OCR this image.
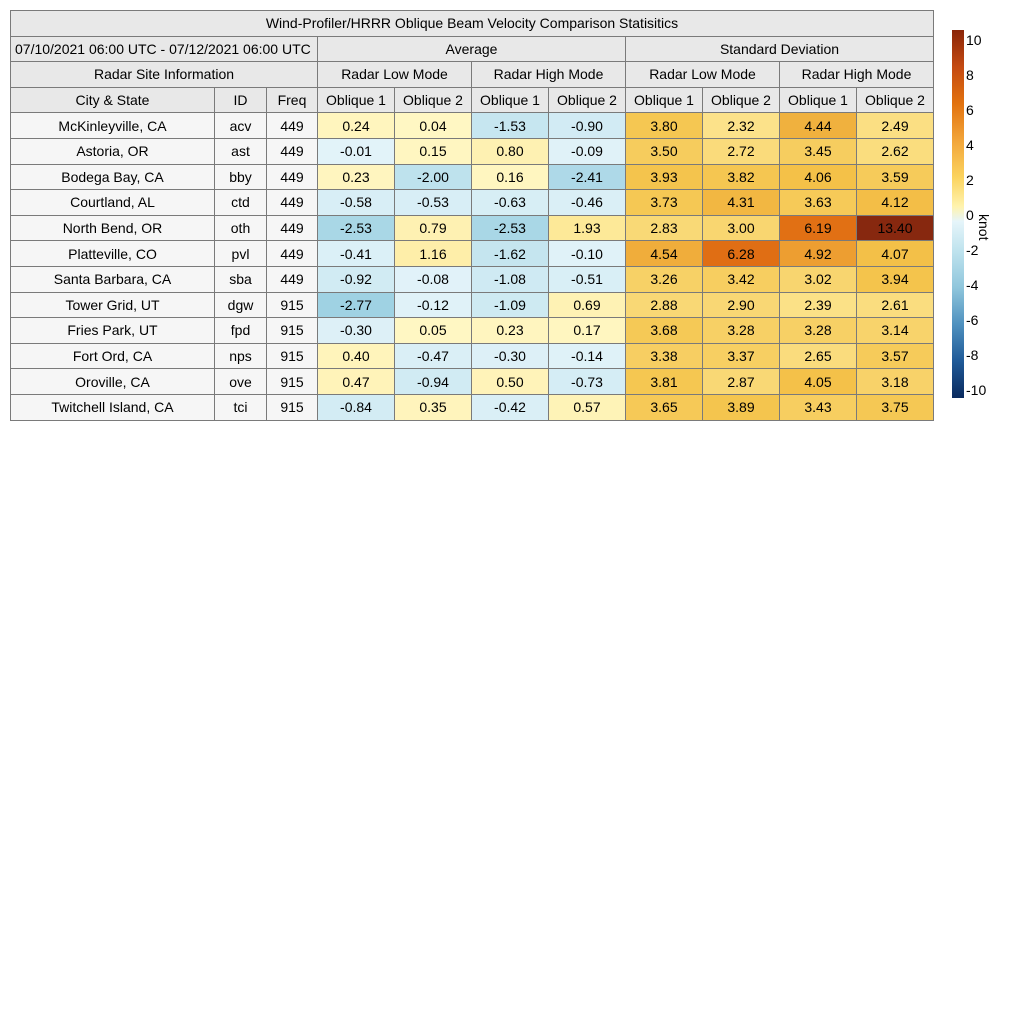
Wind-Profiler/HRRR Oblique Beam Velocity Comparison Statisitics										
07/10/2021 06:00 UTC - 07/12/2021 06:00 UTC			Average				Standard Deviation			
Radar Site Information			Radar Low Mode		Radar High Mode		Radar Low Mode		Radar High Mode	
City & State	ID	Freq	Oblique 1	Oblique 2	Oblique 1	Oblique 2	Oblique 1	Oblique 2	Oblique 1	Oblique 2
McKinleyville, CA	acv	449	0.24	0.04	-1.53	-0.90	3.80	2.32	4.44	2.49
Astoria, OR	ast	449	-0.01	0.15	0.80	-0.09	3.50	2.72	3.45	2.62
Bodega Bay, CA	bby	449	0.23	-2.00	0.16	-2.41	3.93	3.82	4.06	3.59
Courtland, AL	ctd	449	-0.58	-0.53	-0.63	-0.46	3.73	4.31	3.63	4.12
North Bend, OR	oth	449	-2.53	0.79	-2.53	1.93	2.83	3.00	6.19	13.40
Platteville, CO	pvl	449	-0.41	1.16	-1.62	-0.10	4.54	6.28	4.92	4.07
Santa Barbara, CA	sba	449	-0.92	-0.08	-1.08	-0.51	3.26	3.42	3.02	3.94
Tower Grid, UT	dgw	915	-2.77	-0.12	-1.09	0.69	2.88	2.90	2.39	2.61
Fries Park, UT	fpd	915	-0.30	0.05	0.23	0.17	3.68	3.28	3.28	3.14
Fort Ord, CA	nps	915	0.40	-0.47	-0.30	-0.14	3.38	3.37	2.65	3.57
Oroville, CA	ove	915	0.47	-0.94	0.50	-0.73	3.81	2.87	4.05	3.18
Twitchell Island, CA	tci	915	-0.84	0.35	-0.42	0.57	3.65	3.89	3.43	3.75
10
8
6
4
2
0
-2
-4
-6
-8
-10
knot
